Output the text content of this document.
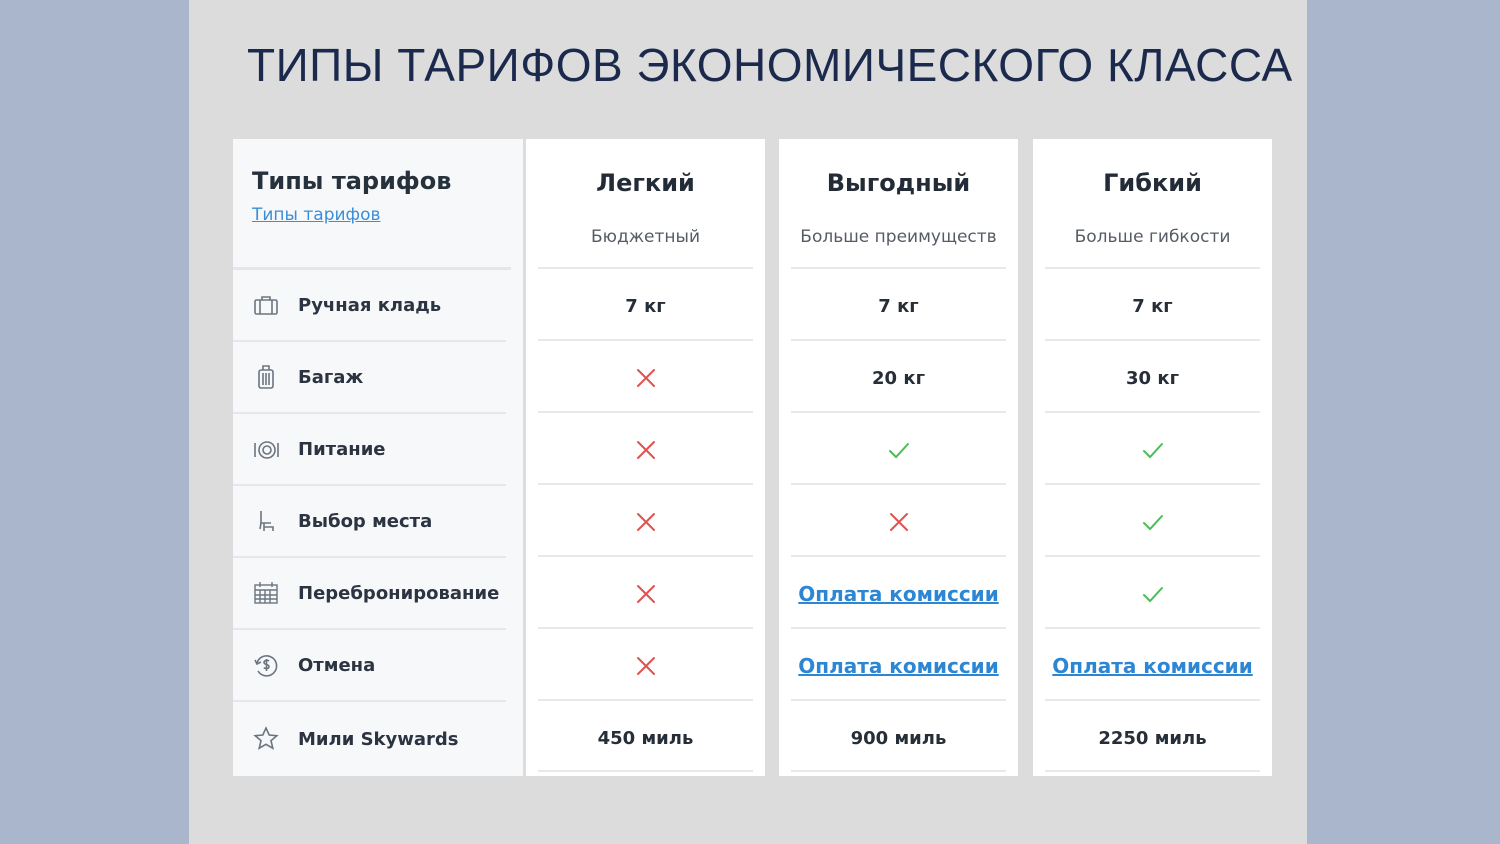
ТИПЫ ТАРИФОВ ЭКОНОМИЧЕСКОГО КЛАССА
Типы тарифов
Типы тарифов
Ручная кладь
Багаж
Питание
Выбор места
Перебронирование
Отмена
Мили Skywards
Легкий
Бюджетный
7 кг
450 миль
Выгодный
Больше преимуществ
7 кг
20 кг
Оплата комиссии
Оплата комиссии
900 миль
Гибкий
Больше гибкости
7 кг
30 кг
Оплата комиссии
2250 миль
